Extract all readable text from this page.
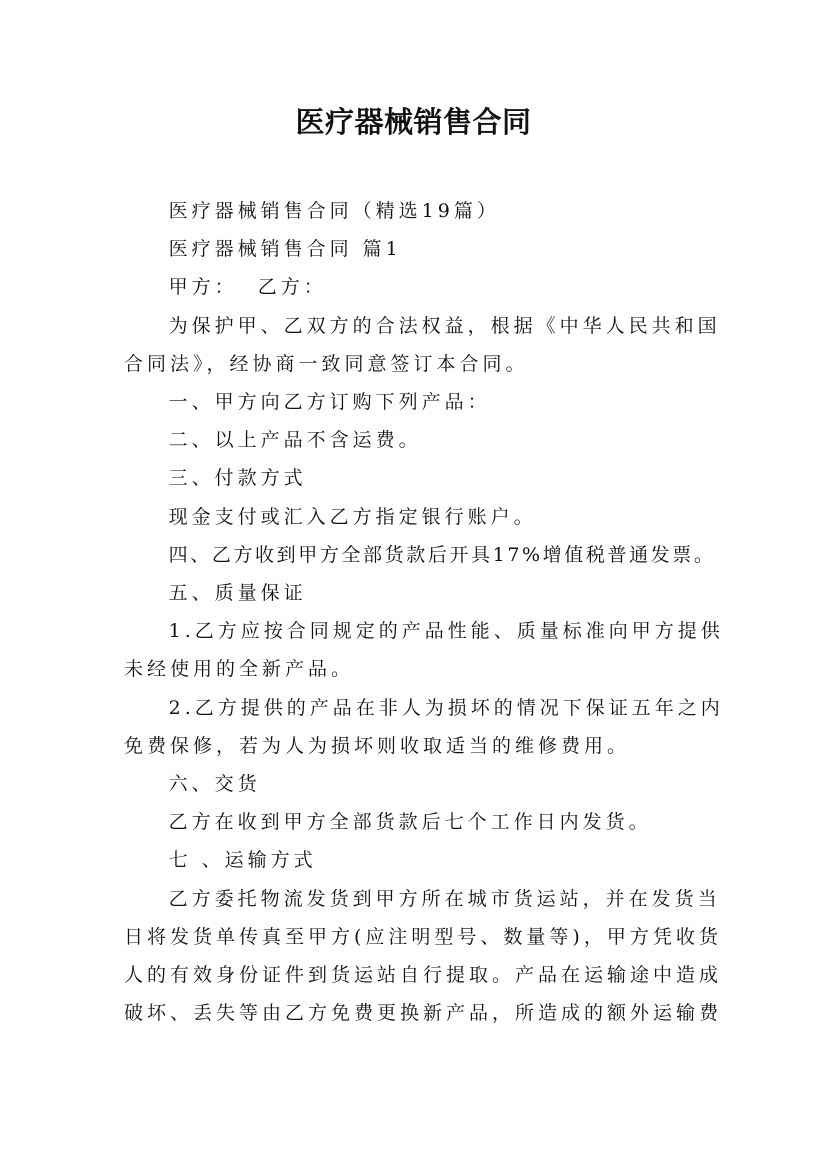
医疗器械销售合同

医疗器械销售合同（精选19篇）

医疗器械销售合同 篇1

甲方：  乙方：

为保护甲、乙双方的合法权益，根据《中华人民共和国合同法》，经协商一致同意签订本合同。

一、甲方向乙方订购下列产品：

二、以上产品不含运费。

三、付款方式

现金支付或汇入乙方指定银行账户。

四、乙方收到甲方全部货款后开具17%增值税普通发票。

五、质量保证

1.乙方应按合同规定的产品性能、质量标准向甲方提供未经使用的全新产品。

2.乙方提供的产品在非人为损坏的情况下保证五年之内免费保修，若为人为损坏则收取适当的维修费用。

六、交货

乙方在收到甲方全部货款后七个工作日内发货。

七 、运输方式

乙方委托物流发货到甲方所在城市货运站，并在发货当日将发货单传真至甲方(应注明型号、数量等)，甲方凭收货人的有效身份证件到货运站自行提取。产品在运输途中造成破坏、丢失等由乙方免费更换新产品，所造成的额外运输费
